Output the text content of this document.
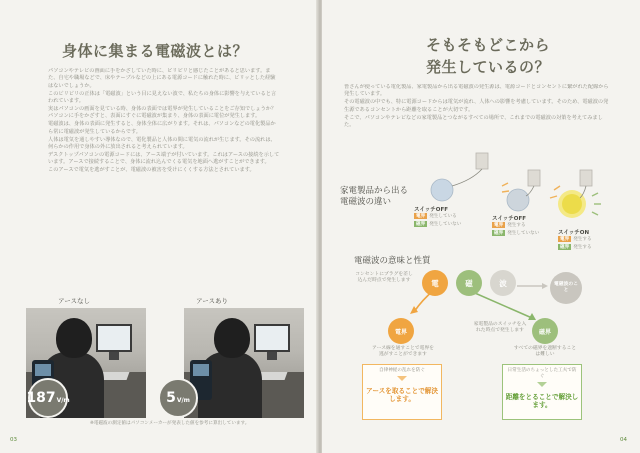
身体に集まる電磁波とは？

パソコンやテレビの画面に手をかざしていた時に、ピリピリと感じたことがあると思います。また、自宅や職場などで、床やテーブルなどの上にある電源コードに触れた時に、ビリッとした経験はないでしょうか。

このビリビリの正体は「電磁波」という目に見えない波で、私たちの身体に影響を与えていると言われています。

実はパソコンの画面を見ている時、身体の表面では電界が発生していることをご存知でしょうか？ パソコンに手をかざすと、表面にすぐに電磁波が集まり、身体の表面に電位が発生します。

電磁波は、身体の表面に発生すると、身体全体に広がります。それは、パソコンなどの電化製品から常に電磁波が発生しているからです。

人体は電気を通しやすい導体なので、電化製品と人体の間に電気の流れが生じます。その流れは、何らかの作用で身体の外に放出されると考えられています。

デスクトップパソコンの電源コードには、アース端子が付いています。これはアースの接続を示しています。アースで接続することで、身体に流れ込んでくる電気を地面へ逃がすことができます。

このアースで電気を逃がすことが、電磁波の被害を受けにくくする方法とされています。

アースなし
187 V/m
アースあり
5 V/m
※電磁波の測定値はパソコンメーカーが発表した値を参考に算出しています。
03
そもそもどこから
発生しているの？

皆さんが使っている電化製品、家電製品から出る電磁波の発生源は、電源コードとコンセントに繋がれた配線から発生しています。

その電磁波の中でも、特に電源コードからは電気が流れ、人体への影響を考慮しています。そのため、電磁波の発生源であるコンセントから距離を取ることが大切です。

そこで、パソコンやテレビなどの家電製品とつながるすべての場所で、これまでの電磁波の対策を考えてみました。

家電製品から出る
電磁波の違い
スイッチOFF
電界 発生している
磁界 発生していない
スイッチOFF
電界 発生する
磁界 発生していない	スイッチON
電界 発生する
磁界 発生する
電磁波の意味と性質
コンセントにプラグを差し込んだ時点で発生します	電	磁	波	電磁波のこと
電界	磁界
家電製品のスイッチを入れた時点で発生します
アース線を通すことで電界を逃がすことができます
すべての磁界を遮断することは難しい
自律神経の乱れを防ぐ
アースを取ることで解決します。
日常生活のちょっとした工夫で防ぐ
距離をとることで解決します。
04
